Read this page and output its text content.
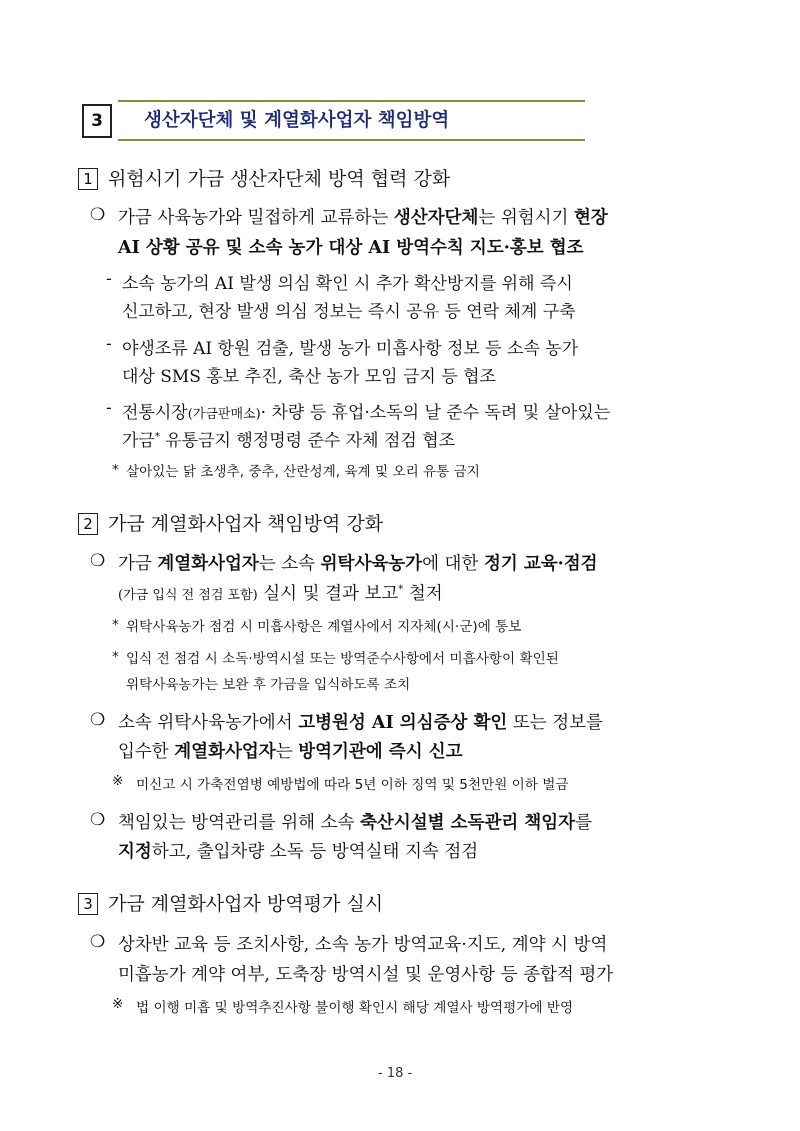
3 생산자단체 및 계열화사업자 책임방역
1 위험시기 가금 생산자단체 방역 협력 강화
❍ 가금 사육농가와 밀접하게 교류하는 생산자단체는 위험시기 현장
AI 상황 공유 및 소속 농가 대상 AI 방역수칙 지도·홍보 협조
- 소속 농가의 AI 발생 의심 확인 시 추가 확산방지를 위해 즉시
신고하고, 현장 발생 의심 정보는 즉시 공유 등 연락 체계 구축
- 야생조류 AI 항원 검출, 발생 농가 미흡사항 정보 등 소속 농가
대상 SMS 홍보 추진, 축산 농가 모임 금지 등 협조
- 전통시장(가금판매소)· 차량 등 휴업·소독의 날 준수 독려 및 살아있는
가금* 유통금지 행정명령 준수 자체 점검 협조
* 살아있는 닭 초생추, 중추, 산란성계, 육계 및 오리 유통 금지
2 가금 계열화사업자 책임방역 강화
❍ 가금 계열화사업자는 소속 위탁사육농가에 대한 정기 교육·점검
(가금 입식 전 점검 포함) 실시 및 결과 보고* 철저
* 위탁사육농가 점검 시 미흡사항은 계열사에서 지자체(시·군)에 통보
* 입식 전 점검 시 소독·방역시설 또는 방역준수사항에서 미흡사항이 확인된
위탁사육농가는 보완 후 가금을 입식하도록 조치
❍ 소속 위탁사육농가에서 고병원성 AI 의심증상 확인 또는 정보를
입수한 계열화사업자는 방역기관에 즉시 신고
※ 미신고 시 가축전염병 예방법에 따라 5년 이하 징역 및 5천만원 이하 벌금
❍ 책임있는 방역관리를 위해 소속 축산시설별 소독관리 책임자를
지정하고, 출입차량 소독 등 방역실태 지속 점검
3 가금 계열화사업자 방역평가 실시
❍ 상차반 교육 등 조치사항, 소속 농가 방역교육·지도, 계약 시 방역
미흡농가 계약 여부, 도축장 방역시설 및 운영사항 등 종합적 평가
※ 법 이행 미흡 및 방역추진사항 불이행 확인시 해당 계열사 방역평가에 반영
- 18 -
